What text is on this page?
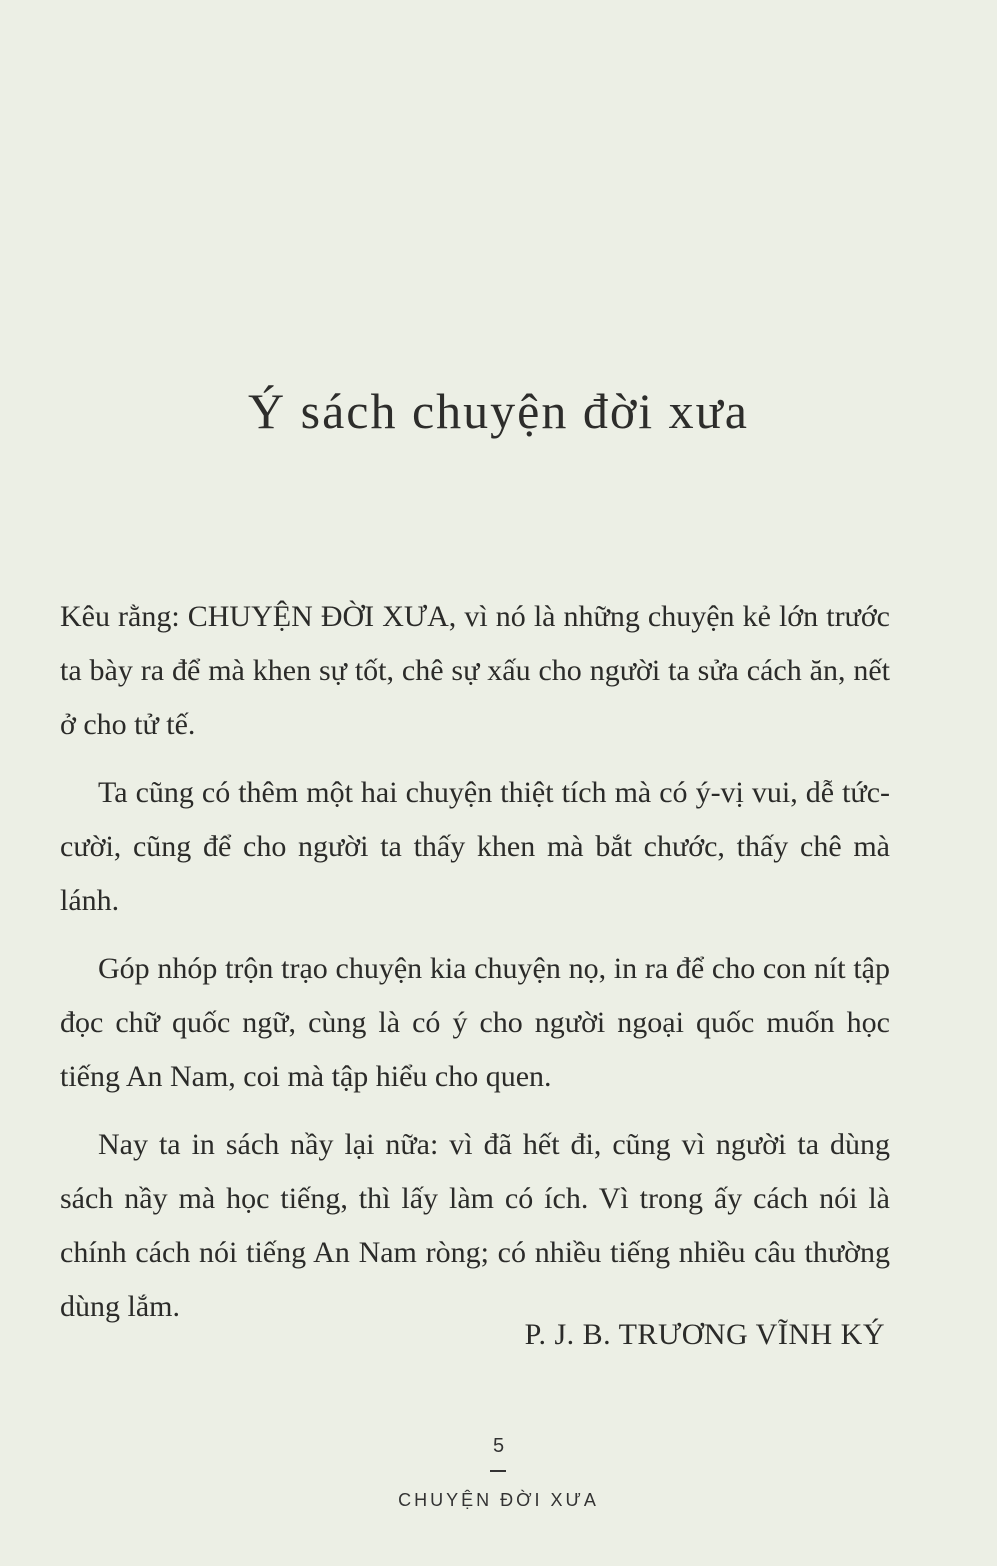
Ý sách chuyện đời xưa

Kêu rằng: CHUYỆN ĐỜI XƯA, vì nó là những chuyện kẻ lớn trước ta bày ra để mà khen sự tốt, chê sự xấu cho người ta sửa cách ăn, nết ở cho tử tế.

Ta cũng có thêm một hai chuyện thiệt tích mà có ý-vị vui, dễ tức-cười, cũng để cho người ta thấy khen mà bắt chước, thấy chê mà lánh.

Góp nhóp trộn trạo chuyện kia chuyện nọ, in ra để cho con nít tập đọc chữ quốc ngữ, cùng là có ý cho người ngoại quốc muốn học tiếng An Nam, coi mà tập hiểu cho quen.

Nay ta in sách nầy lại nữa: vì đã hết đi, cũng vì người ta dùng sách nầy mà học tiếng, thì lấy làm có ích. Vì trong ấy cách nói là chính cách nói tiếng An Nam ròng; có nhiều tiếng nhiều câu thường dùng lắm.

P. J. B. TRƯƠNG VĨNH KÝ
5
CHUYỆN ĐỜI XƯA
